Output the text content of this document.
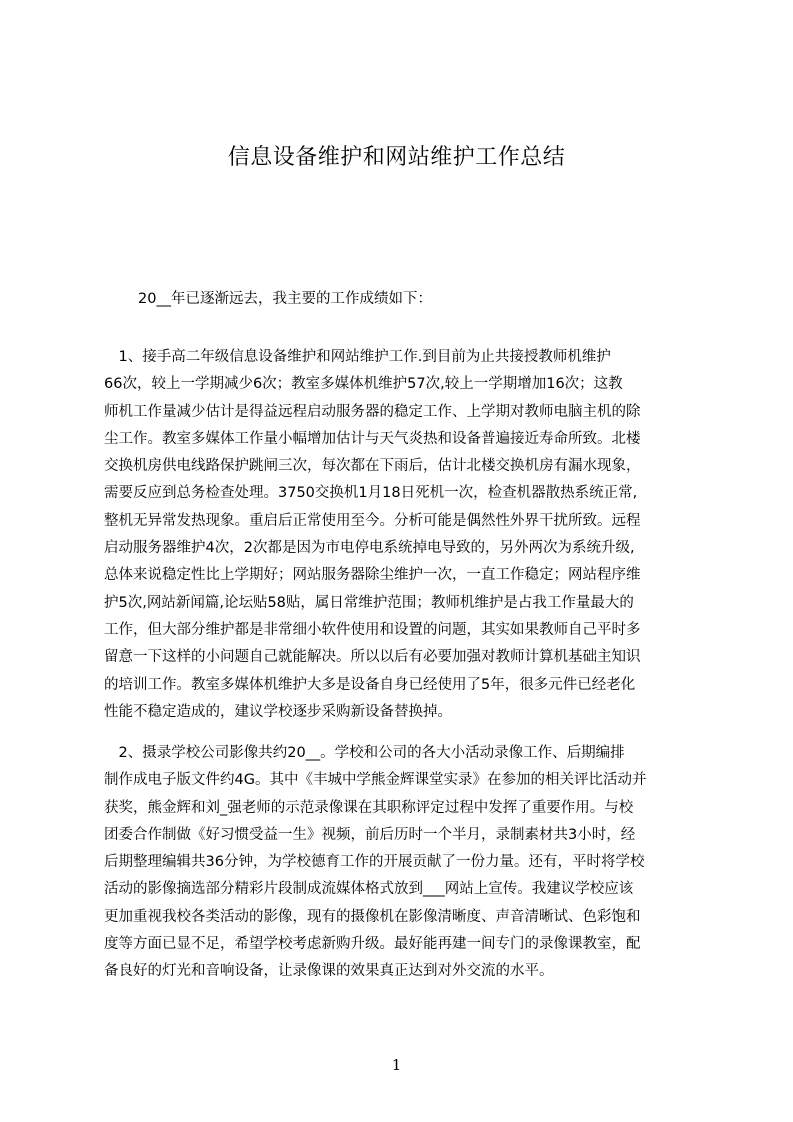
信息设备维护和网站维护工作总结
20__年已逐渐远去，我主要的工作成绩如下：
　1、接手高二年级信息设备维护和网站维护工作.到目前为止共接授教师机维护
66次，较上一学期减少6次；教室多媒体机维护57次,较上一学期增加16次；这教
师机工作量减少估计是得益远程启动服务器的稳定工作、上学期对教师电脑主机的除
尘工作。教室多媒体工作量小幅增加估计与天气炎热和设备普遍接近寿命所致。北楼
交换机房供电线路保护跳闸三次，每次都在下雨后，估计北楼交换机房有漏水现象，
需要反应到总务检查处理。3750交换机1月18日死机一次，检查机器散热系统正常,
整机无异常发热现象。重启后正常使用至今。分析可能是偶然性外界干扰所致。远程
启动服务器维护4次，2次都是因为市电停电系统掉电导致的，另外两次为系统升级,
总体来说稳定性比上学期好；网站服务器除尘维护一次，一直工作稳定；网站程序维
护5次,网站新闻篇,论坛贴58贴，属日常维护范围；教师机维护是占我工作量最大的
工作，但大部分维护都是非常细小软件使用和设置的问题，其实如果教师自己平时多
留意一下这样的小问题自己就能解决。所以以后有必要加强对教师计算机基础主知识
的培训工作。教室多媒体机维护大多是设备自身已经使用了5年，很多元件已经老化
性能不稳定造成的，建议学校逐步采购新设备替换掉。
　2、摄录学校公司影像共约20__。学校和公司的各大小活动录像工作、后期编排
制作成电子版文件约4G。其中《丰城中学熊金辉课堂实录》在参加的相关评比活动并
获奖，熊金辉和刘_强老师的示范录像课在其职称评定过程中发挥了重要作用。与校
团委合作制做《好习惯受益一生》视频，前后历时一个半月，录制素材共3小时，经
后期整理编辑共36分钟，为学校德育工作的开展贡献了一份力量。还有，平时将学校
活动的影像摘选部分精彩片段制成流媒体格式放到___网站上宣传。我建议学校应该
更加重视我校各类活动的影像，现有的摄像机在影像清晰度、声音清晰试、色彩饱和
度等方面已显不足，希望学校考虑新购升级。最好能再建一间专门的录像课教室，配
备良好的灯光和音响设备，让录像课的效果真正达到对外交流的水平。
1
